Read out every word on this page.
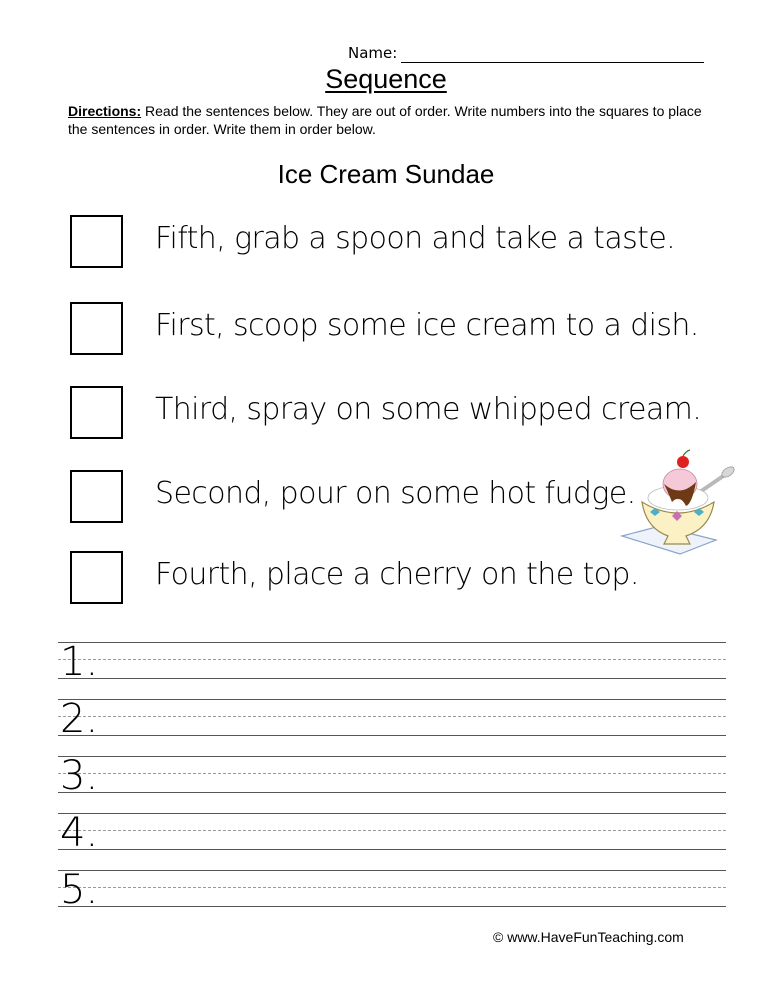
Name:
Sequence
Directions: Read the sentences below. They are out of order. Write numbers into the squares to place the sentences in order. Write them in order below.
Ice Cream Sundae
Fifth, grab a spoon and take a taste.
First, scoop some ice cream to a dish.
Third, spray on some whipped cream.
Second, pour on some hot fudge.
Fourth, place a cherry on the top.
1.
2.
3.
4.
5.
© www.HaveFunTeaching.com
